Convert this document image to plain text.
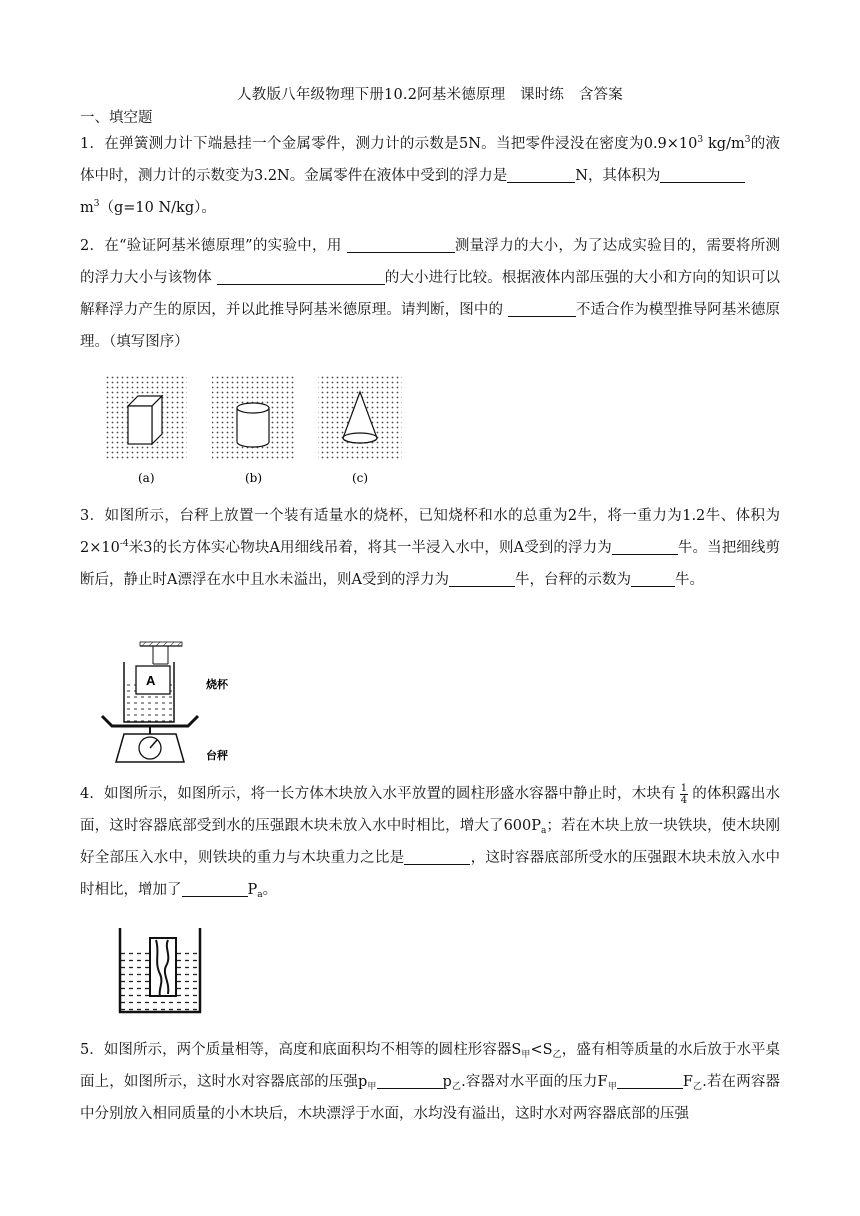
人教版八年级物理下册10.2阿基米德原理　课时练　含答案
一、填空题
1．在弹簧测力计下端悬挂一个金属零件，测力计的示数是5N。当把零件浸没在密度为$0.9\times 10^3$ $kg/m^3$的液体中时，测力计的示数变为3.2N。金属零件在液体中受到的浮力是	N，其体积为
$m^3(g=10$ N/kg）。
2．在“验证阿基米德原理”的实验中，用	测量浮力的大小，为了达成实验目的，需要将所测的浮力大小与该物体	的大小进行比较。根据液体内部压强的大小和方向的知识可以解释浮力产生的原因，并以此推导阿基米德原理。请判断，图中的	不适合作为模型推导阿基米德原理。（填写图序）
(a)	(b)	(c)
3．如图所示，台秤上放置一个装有适量水的烧杯，已知烧杯和水的总重为2牛，将一重力为1.2牛、体积为$2\times 10^{-4}$米3的长方体实心物块A用细线吊着，将其一半浸入水中，则A受到的浮力为	牛。当把细线剪断后，静止时A漂浮在水中且水未溢出，则A受到的浮力为	牛，台秤的示数为	牛。
A	烧杯
台秤
4．如图所示，如图所示，将一长方体木块放入水平放置的圆柱形盛水容器中静止时，木块有 $\frac{1}{4}$ 的体积露出水面，这时容器底部受到水的压强跟木块未放入水中时相比，增大了$600P_a$；若在木块上放一块铁块，使木块刚好全部压入水中，则铁块的重力与木块重力之比是	，这时容器底部所受水的压强跟木块未放入水中时相比，增加了	$P_a$。
5．如图所示，两个质量相等，高度和底面积均不相等的圆柱形容器$S_甲<S_乙$，盛有相等质量的水后放于水平桌面上，如图所示，这时水对容器底部的压强$p_甲$	$p_乙$.容器对水平面的压力$F_甲$	$F_乙$.若在两容器中分别放入相同质量的小木块后，木块漂浮于水面，水均没有溢出，这时水对两容器底部的压强
